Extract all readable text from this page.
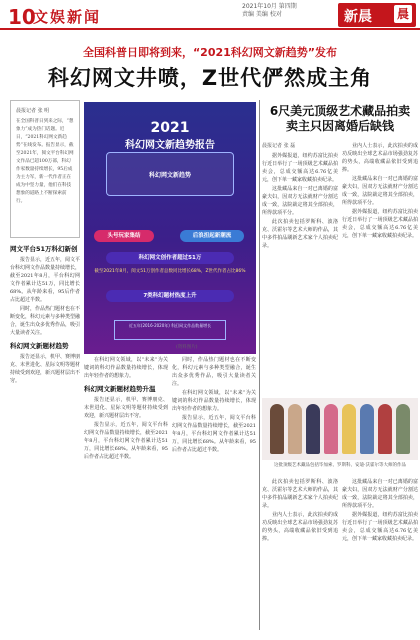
10
文娱新闻
2021年10月 第四期
责编 美编 校对	新晨 晨
全国科普日即将到来，“2021科幻网文新趋势”发布
科幻网文井喷，Z世代俨然成主角
晨报记者 张 明
在全国科普日到来之际，“想象力”成为热门话题。近日，“2021科幻网文新趋势”在线发布。报告显示，截至2021年，阅文平台科幻网文作品已超100万部，科幻作家数量持续增长，95后成为主力军，新一代作者正在成为中坚力量，他们在科技想象的道路上不断探索前行。
网文平台51万科幻新创

报告显示，近五年，阅文平台科幻网文作品数量持续增长，截至2021年8月，平台科幻网文作者累计达51万，同比增长68%。从年龄来看，95后作者占比超过半数。

同时，作品热门题材也在不断变化，科幻元素与多种类型融合，诞生出众多优秀作品，吸引大量读者关注。

科幻网文新题材趋势

报告还显示，机甲、赛博朋克、末世进化、星际文明等题材持续受到欢迎，新兴题材层出不穷。

2021
科幻网文新趋势报告
科幻网文新趋势
头号玩家集结	后浪担起新潮流
科幻网文创作者超过51万
截至2021年8月，阅文51万创作者总数同比增长68%，Z世代作者占比86%
7类科幻题材热度上升
近五年(2016-2020年) 科幻网文作品数量增长
(资料图片)

在科幻网文领域，以“未来”为关键词的科幻作品数量持续增长，体现出年轻作者的想象力。

科幻网文新题材趋势升温

报告还显示，机甲、赛博朋克、末世进化、星际文明等题材持续受到欢迎，新兴题材层出不穷。

报告显示，近五年，阅文平台科幻网文作品数量持续增长，截至2021年8月，平台科幻网文作者累计达51万，同比增长68%。从年龄来看，95后作者占比超过半数。

同时，作品热门题材也在不断变化，科幻元素与多种类型融合，诞生出众多优秀作品，吸引大量读者关注。

在科幻网文领域，以“未来”为关键词的科幻作品数量持续增长，体现出年轻作者的想象力。

报告显示，近五年，阅文平台科幻网文作品数量持续增长，截至2021年8月，平台科幻网文作者累计达51万，同比增长68%。从年龄来看，95后作者占比超过半数。

6尺美元顶级艺术藏品拍卖
卖主只因离婚后缺钱
晨报记者 张 磊

据外媒报道，纽约苏富比拍卖行近日举行了一场顶级艺术藏品拍卖会，总成交额高达6.76亿美元，创下单一藏家收藏拍卖纪录。

这批藏品来自一对已离婚的富豪夫妇，因双方无法就财产分割达成一致，法院裁定将其全部拍卖，所得款项平分。

此次拍卖包括罗斯科、波洛克、沃霍尔等艺术大师的作品，其中多件拍品刷新艺术家个人拍卖纪录。

业内人士表示，此次拍卖的成功反映出全球艺术品市场强劲复苏的势头，高端收藏品依旧受到追捧。

这批藏品来自一对已离婚的富豪夫妇，因双方无法就财产分割达成一致，法院裁定将其全部拍卖，所得款项平分。

据外媒报道，纽约苏富比拍卖行近日举行了一场顶级艺术藏品拍卖会，总成交额高达6.76亿美元，创下单一藏家收藏拍卖纪录。

这批顶级艺术藏品包括毕加索、罗斯科、安迪·沃霍尔等大师的作品

此次拍卖包括罗斯科、波洛克、沃霍尔等艺术大师的作品，其中多件拍品刷新艺术家个人拍卖纪录。

业内人士表示，此次拍卖的成功反映出全球艺术品市场强劲复苏的势头，高端收藏品依旧受到追捧。

这批藏品来自一对已离婚的富豪夫妇，因双方无法就财产分割达成一致，法院裁定将其全部拍卖，所得款项平分。

据外媒报道，纽约苏富比拍卖行近日举行了一场顶级艺术藏品拍卖会，总成交额高达6.76亿美元，创下单一藏家收藏拍卖纪录。
